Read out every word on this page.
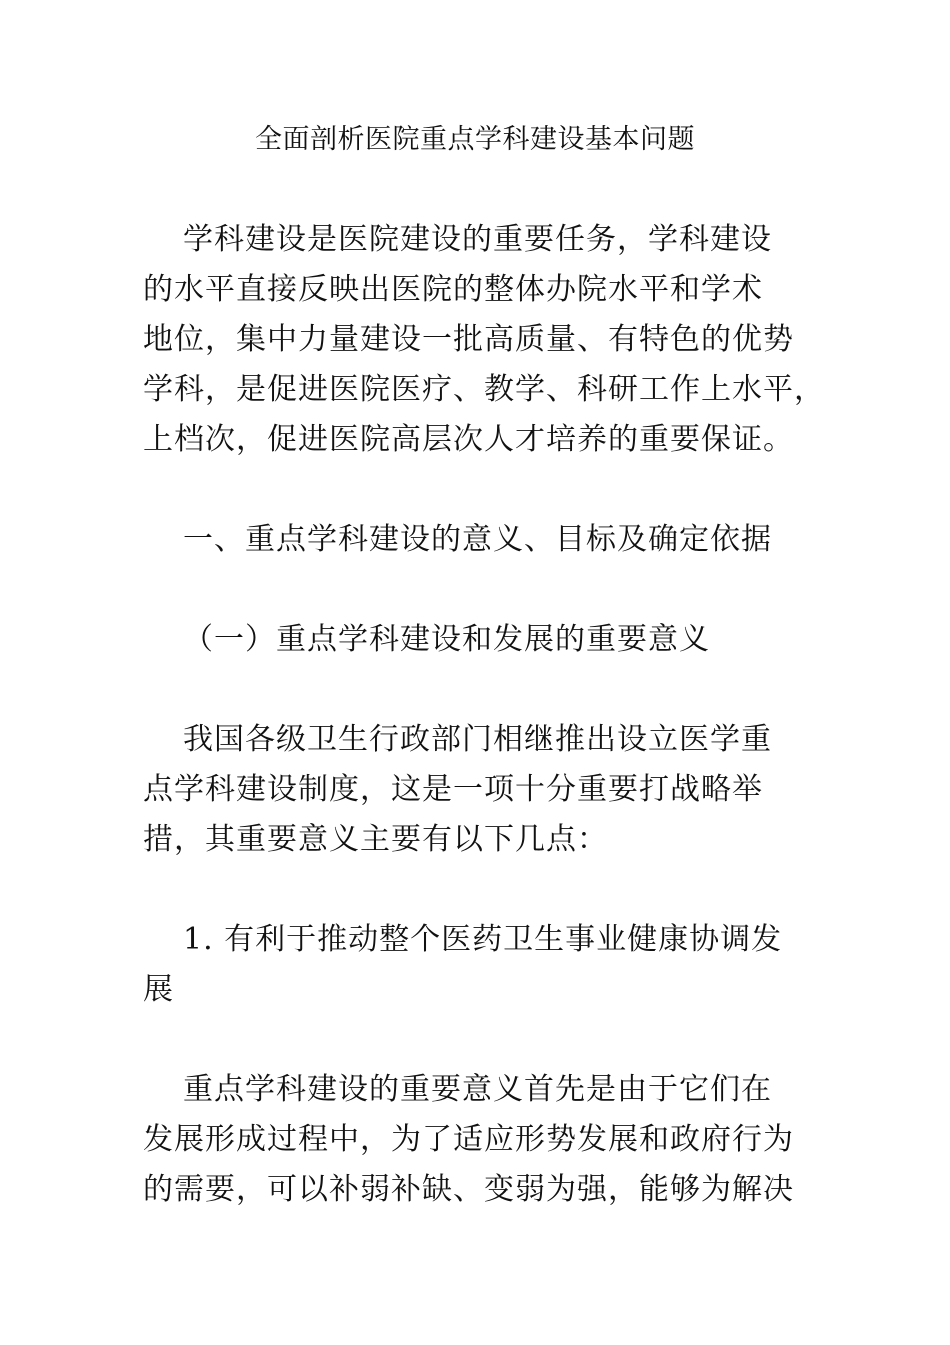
全面剖析医院重点学科建设基本问题
学科建设是医院建设的重要任务，学科建设
的水平直接反映出医院的整体办院水平和学术
地位，集中力量建设一批高质量、有特色的优势
学科，是促进医院医疗、教学、科研工作上水平，
上档次，促进医院高层次人才培养的重要保证。
一、重点学科建设的意义、目标及确定依据
（一）重点学科建设和发展的重要意义
我国各级卫生行政部门相继推出设立医学重
点学科建设制度，这是一项十分重要打战略举
措，其重要意义主要有以下几点：
1. 有利于推动整个医药卫生事业健康协调发
展
重点学科建设的重要意义首先是由于它们在
发展形成过程中，为了适应形势发展和政府行为
的需要，可以补弱补缺、变弱为强，能够为解决
